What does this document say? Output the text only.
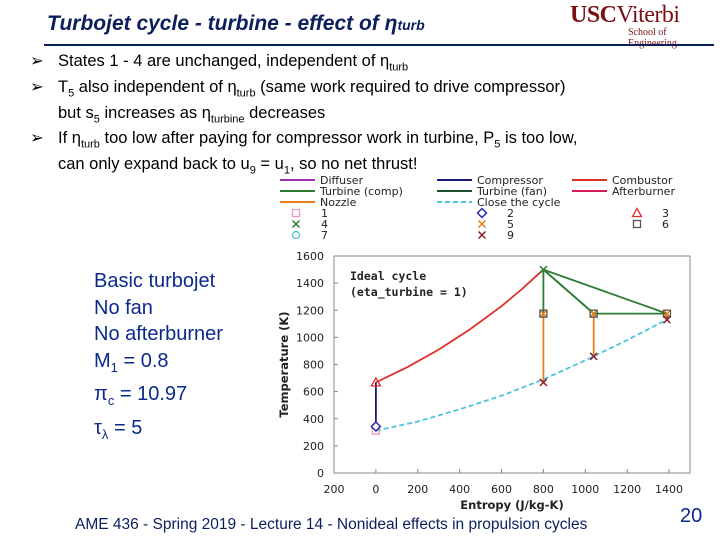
Turbojet cycle - turbine - effect of ηturb	USCViterbi
School of
➢ States 1 - 4 are unchanged, independent of $\eta_{turb}$
➢ $T_5$ also independent of $\eta_{turb}$ (same work required to drive compressor)
but $s_5$ increases as $\eta_{turbine}$ decreases
➢ If $\eta_{turb}$ too low after paying for compressor work in turbine, $P_5$ is too low,
can only expand back to $u_9 = u_1$, so no net thrust!
Basic turbojet
No fan
No afterburner
$M_1 = 0.8$
$\pi_c = 10.97$
$\tau_\lambda = 5$
Diffuser	Compressor	Combustor
Turbine (comp)	Turbine (fan)	Afterburner
Nozzle	Close the cycle
1	2	3
4	5	6
7	9
0
200
400
600
800
1000
1200
1400
1600
200	0	200 400 600 800 1000 1200 1400
Entropy (J/kg-K)
Temperature (K)
Ideal cycle
(eta_turbine = 1)
AME 436 - Spring 2019 - Lecture 14 - Nonideal effects in propulsion cycles	20
